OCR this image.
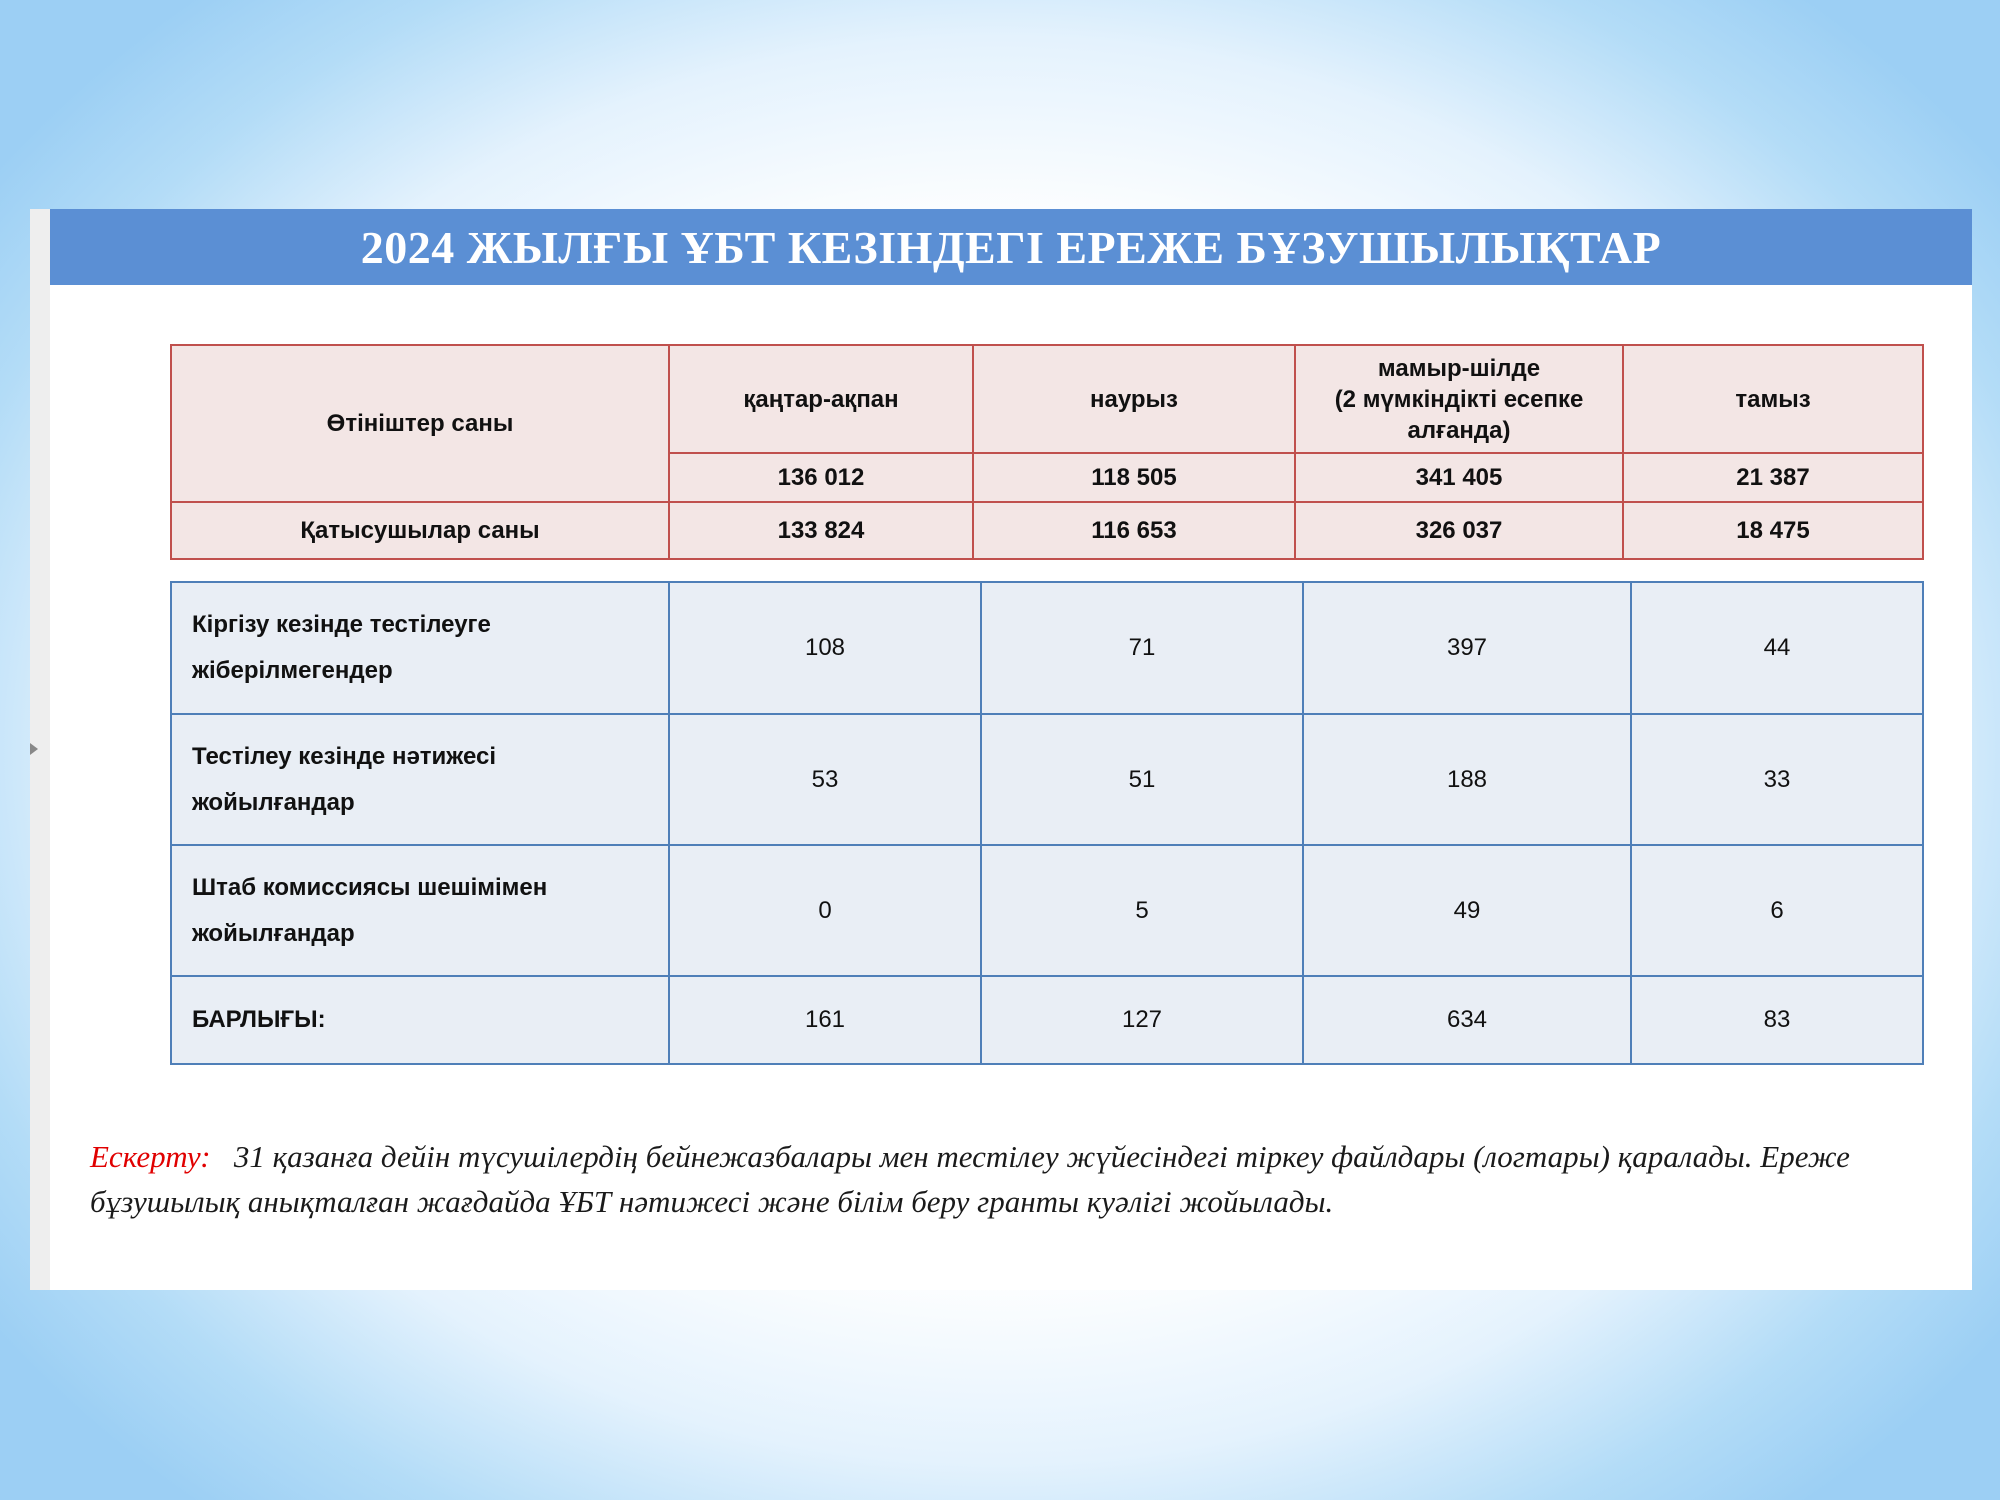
2024 ЖЫЛҒЫ ҰБТ КЕЗІНДЕГІ ЕРЕЖЕ БҰЗУШЫЛЫҚТАР
Өтініштер саны	қаңтар-ақпан	наурыз	мамыр-шілде
(2 мүмкіндікті есепке
алғанда)	тамыз
	136 012	118 505	341 405	21 387
Қатысушылар саны	133 824	116 653	326 037	18 475
Кіргізу кезінде тестілеуге
жіберілмегендер	108	71	397	44
Тестілеу кезінде нәтижесі
жойылғандар	53	51	188	33
Штаб комиссиясы шешімімен
жойылғандар	0	5	49	6
БАРЛЫҒЫ:	161	127	634	83

Ескерту: 31 қазанға дейін түсушілердің бейнежазбалары мен тестілеу жүйесіндегі тіркеу файлдары (логтары) қаралады. Ереже бұзушылық анықталған жағдайда ҰБТ нәтижесі және білім беру гранты куәлігі жойылады.
